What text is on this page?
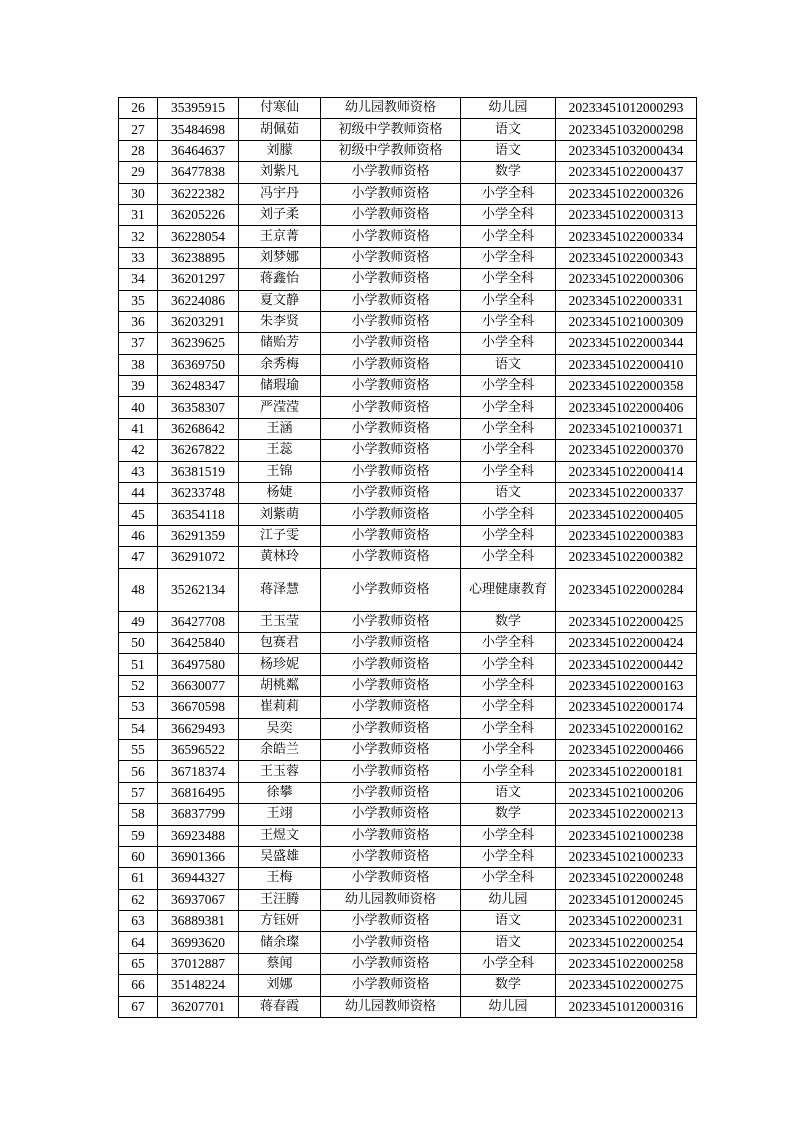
26	35395915	付寒仙	幼儿园教师资格	幼儿园	20233451012000293
27	35484698	胡佩茹	初级中学教师资格	语文	20233451032000298
28	36464637	刘朦	初级中学教师资格	语文	20233451032000434
29	36477838	刘紫凡	小学教师资格	数学	20233451022000437
30	36222382	冯宇丹	小学教师资格	小学全科	20233451022000326
31	36205226	刘子柔	小学教师资格	小学全科	20233451022000313
32	36228054	王京菁	小学教师资格	小学全科	20233451022000334
33	36238895	刘梦娜	小学教师资格	小学全科	20233451022000343
34	36201297	蒋鑫怡	小学教师资格	小学全科	20233451022000306
35	36224086	夏文静	小学教师资格	小学全科	20233451022000331
36	36203291	朱李贤	小学教师资格	小学全科	20233451021000309
37	36239625	储贻芳	小学教师资格	小学全科	20233451022000344
38	36369750	余秀梅	小学教师资格	语文	20233451022000410
39	36248347	储瑕瑜	小学教师资格	小学全科	20233451022000358
40	36358307	严滢滢	小学教师资格	小学全科	20233451022000406
41	36268642	王涵	小学教师资格	小学全科	20233451021000371
42	36267822	王蕊	小学教师资格	小学全科	20233451022000370
43	36381519	王锦	小学教师资格	小学全科	20233451022000414
44	36233748	杨婕	小学教师资格	语文	20233451022000337
45	36354118	刘紫萌	小学教师资格	小学全科	20233451022000405
46	36291359	江子雯	小学教师资格	小学全科	20233451022000383
47	36291072	黄林玲	小学教师资格	小学全科	20233451022000382
48	35262134	蒋泽慧	小学教师资格	心理健康教育	20233451022000284
49	36427708	王玉莹	小学教师资格	数学	20233451022000425
50	36425840	包赛君	小学教师资格	小学全科	20233451022000424
51	36497580	杨珍妮	小学教师资格	小学全科	20233451022000442
52	36630077	胡桃粼	小学教师资格	小学全科	20233451022000163
53	36670598	崔莉莉	小学教师资格	小学全科	20233451022000174
54	36629493	吴奕	小学教师资格	小学全科	20233451022000162
55	36596522	余皓兰	小学教师资格	小学全科	20233451022000466
56	36718374	王玉蓉	小学教师资格	小学全科	20233451022000181
57	36816495	徐攀	小学教师资格	语文	20233451021000206
58	36837799	王翊	小学教师资格	数学	20233451022000213
59	36923488	王煜文	小学教师资格	小学全科	20233451021000238
60	36901366	吴盛雄	小学教师资格	小学全科	20233451021000233
61	36944327	王梅	小学教师资格	小学全科	20233451022000248
62	36937067	王汪腾	幼儿园教师资格	幼儿园	20233451012000245
63	36889381	方钰妍	小学教师资格	语文	20233451022000231
64	36993620	储余璨	小学教师资格	语文	20233451022000254
65	37012887	蔡闻	小学教师资格	小学全科	20233451022000258
66	35148224	刘娜	小学教师资格	数学	20233451022000275
67	36207701	蒋春霞	幼儿园教师资格	幼儿园	20233451012000316
